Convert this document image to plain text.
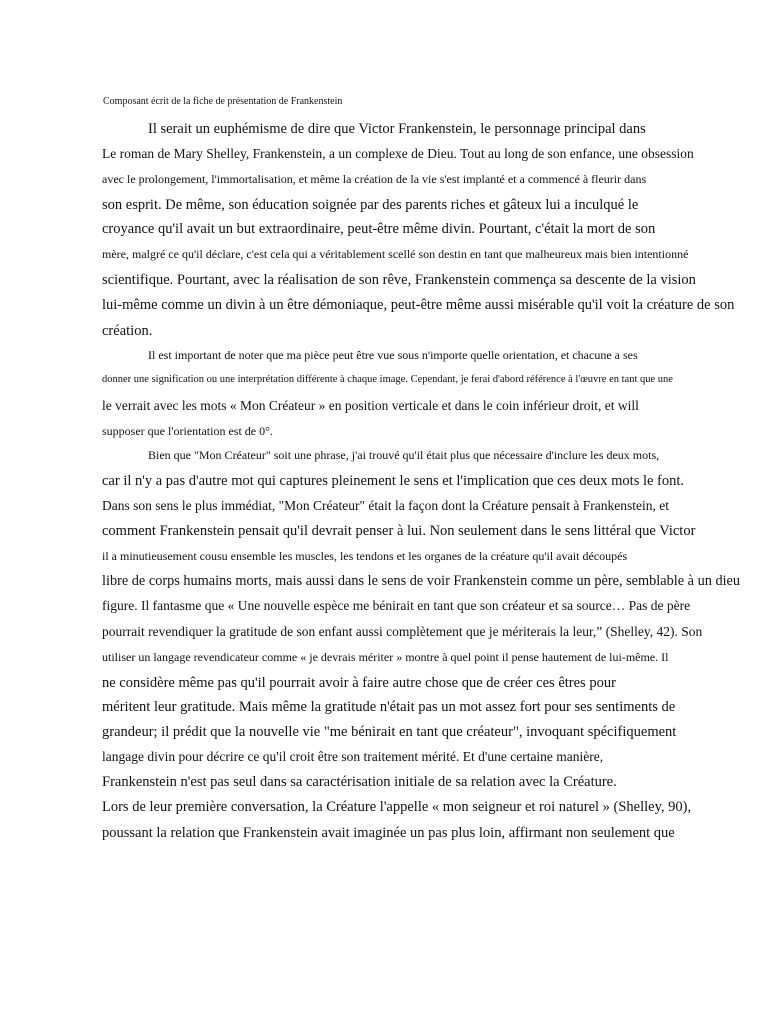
Composant écrit de la fiche de présentation de Frankenstein
Il serait un euphémisme de dire que Victor Frankenstein, le personnage principal dans
Le roman de Mary Shelley, Frankenstein, a un complexe de Dieu. Tout au long de son enfance, une obsession
avec le prolongement, l'immortalisation, et même la création de la vie s'est implanté et a commencé à fleurir dans
son esprit. De même, son éducation soignée par des parents riches et gâteux lui a inculqué le
croyance qu'il avait un but extraordinaire, peut-être même divin. Pourtant, c'était la mort de son
mère, malgré ce qu'il déclare, c'est cela qui a véritablement scellé son destin en tant que malheureux mais bien intentionné
scientifique. Pourtant, avec la réalisation de son rêve, Frankenstein commença sa descente de la vision
lui-même comme un divin à un être démoniaque, peut-être même aussi misérable qu'il voit la créature de son
création.
Il est important de noter que ma pièce peut être vue sous n'importe quelle orientation, et chacune a ses
donner une signification ou une interprétation différente à chaque image. Cependant, je ferai d'abord référence à l'œuvre en tant que une
le verrait avec les mots « Mon Créateur » en position verticale et dans le coin inférieur droit, et will
supposer que l'orientation est de 0°.
Bien que "Mon Créateur" soit une phrase, j'ai trouvé qu'il était plus que nécessaire d'inclure les deux mots,
car il n'y a pas d'autre mot qui captures pleinement le sens et l'implication que ces deux mots le font.
Dans son sens le plus immédiat, "Mon Créateur" était la façon dont la Créature pensait à Frankenstein, et
comment Frankenstein pensait qu'il devrait penser à lui. Non seulement dans le sens littéral que Victor
il a minutieusement cousu ensemble les muscles, les tendons et les organes de la créature qu'il avait découpés
libre de corps humains morts, mais aussi dans le sens de voir Frankenstein comme un père, semblable à un dieu
figure. Il fantasme que « Une nouvelle espèce me bénirait en tant que son créateur et sa source… Pas de père
pourrait revendiquer la gratitude de son enfant aussi complètement que je mériterais la leur,” (Shelley, 42). Son
utiliser un langage revendicateur comme « je devrais mériter » montre à quel point il pense hautement de lui-même. Il
ne considère même pas qu'il pourrait avoir à faire autre chose que de créer ces êtres pour
méritent leur gratitude. Mais même la gratitude n'était pas un mot assez fort pour ses sentiments de
grandeur; il prédit que la nouvelle vie "me bénirait en tant que créateur", invoquant spécifiquement
langage divin pour décrire ce qu'il croit être son traitement mérité. Et d'une certaine manière,
Frankenstein n'est pas seul dans sa caractérisation initiale de sa relation avec la Créature.
Lors de leur première conversation, la Créature l'appelle « mon seigneur et roi naturel » (Shelley, 90),
poussant la relation que Frankenstein avait imaginée un pas plus loin, affirmant non seulement que
